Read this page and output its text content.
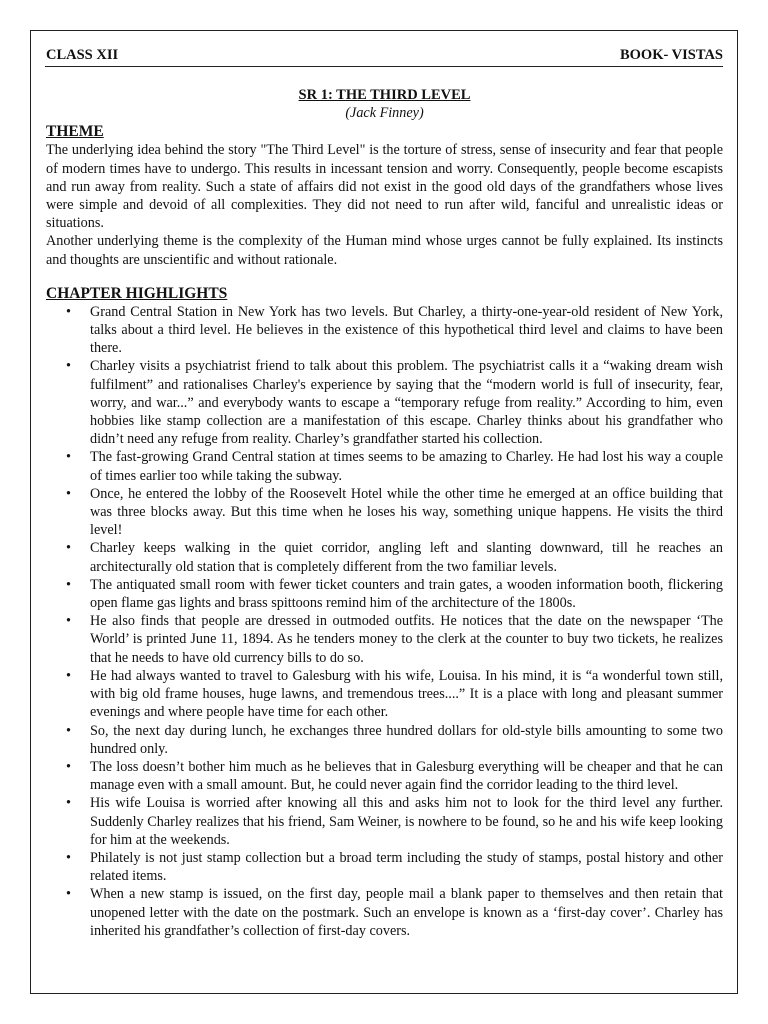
CLASS XII	BOOK- VISTAS
SR 1: THE THIRD LEVEL
(Jack Finney)
THEME

The underlying idea behind the story "The Third Level" is the torture of stress, sense of insecurity and fear that people of modern times have to undergo. This results in incessant tension and worry. Consequently, people become escapists and run away from reality. Such a state of affairs did not exist in the good old days of the grandfathers whose lives were simple and devoid of all complexities. They did not need to run after wild, fanciful and unrealistic ideas or situations.

Another underlying theme is the complexity of the Human mind whose urges cannot be fully explained. Its instincts and thoughts are unscientific and without rationale.

CHAPTER HIGHLIGHTS
• Grand Central Station in New York has two levels. But Charley, a thirty-one-year-old resident of New York, talks about a third level. He believes in the existence of this hypothetical third level and claims to have been there.
• Charley visits a psychiatrist friend to talk about this problem. The psychiatrist calls it a “waking dream wish fulfilment” and rationalises Charley's experience by saying that the “modern world is full of insecurity, fear, worry, and war...” and everybody wants to escape a “temporary refuge from reality.” According to him, even hobbies like stamp collection are a manifestation of this escape. Charley thinks about his grandfather who didn’t need any refuge from reality. Charley’s grandfather started his collection.
• The fast-growing Grand Central station at times seems to be amazing to Charley. He had lost his way a couple of times earlier too while taking the subway.
• Once, he entered the lobby of the Roosevelt Hotel while the other time he emerged at an office building that was three blocks away. But this time when he loses his way, something unique happens. He visits the third level!
• Charley keeps walking in the quiet corridor, angling left and slanting downward, till he reaches an architecturally old station that is completely different from the two familiar levels.
• The antiquated small room with fewer ticket counters and train gates, a wooden information booth, flickering open flame gas lights and brass spittoons remind him of the architecture of the 1800s.
• He also finds that people are dressed in outmoded outfits. He notices that the date on the newspaper ‘The World’ is printed June 11, 1894. As he tenders money to the clerk at the counter to buy two tickets, he realizes that he needs to have old currency bills to do so.
• He had always wanted to travel to Galesburg with his wife, Louisa. In his mind, it is “a wonderful town still, with big old frame houses, huge lawns, and tremendous trees....” It is a place with long and pleasant summer evenings and where people have time for each other.
• So, the next day during lunch, he exchanges three hundred dollars for old-style bills amounting to some two hundred only.
• The loss doesn’t bother him much as he believes that in Galesburg everything will be cheaper and that he can manage even with a small amount. But, he could never again find the corridor leading to the third level.
• His wife Louisa is worried after knowing all this and asks him not to look for the third level any further. Suddenly Charley realizes that his friend, Sam Weiner, is nowhere to be found, so he and his wife keep looking for him at the weekends.
• Philately is not just stamp collection but a broad term including the study of stamps, postal history and other related items.
• When a new stamp is issued, on the first day, people mail a blank paper to themselves and then retain that unopened letter with the date on the postmark. Such an envelope is known as a ‘first-day cover’. Charley has inherited his grandfather’s collection of first-day covers.
